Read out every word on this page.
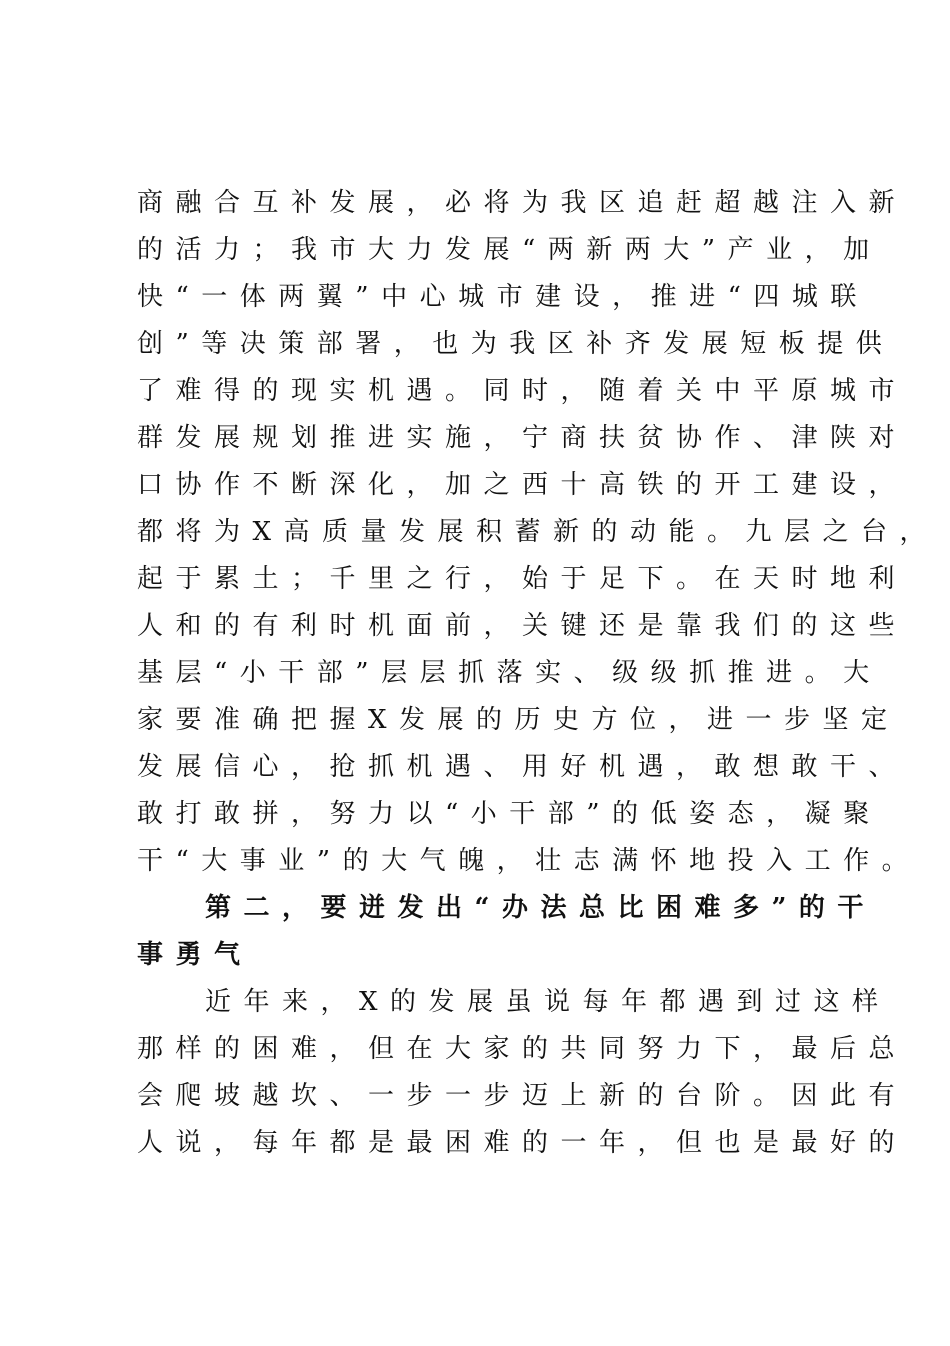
商融合互补发展，必将为我区追赶超越注入新
的活力；我市大力发展“两新两大”产业，加
快“一体两翼”中心城市建设，推进“四城联
创”等决策部署，也为我区补齐发展短板提供
了难得的现实机遇。同时，随着关中平原城市
群发展规划推进实施，宁商扶贫协作、津陕对
口协作不断深化，加之西十高铁的开工建设，
都将为X高质量发展积蓄新的动能。九层之台，
起于累土；千里之行，始于足下。在天时地利
人和的有利时机面前，关键还是靠我们的这些
基层“小干部”层层抓落实、级级抓推进。大
家要准确把握X发展的历史方位，进一步坚定
发展信心，抢抓机遇、用好机遇，敢想敢干、
敢打敢拼，努力以“小干部”的低姿态，凝聚
干“大事业”的大气魄，壮志满怀地投入工作。
第二，要迸发出“办法总比困难多”的干
事勇气
近年来，X的发展虽说每年都遇到过这样
那样的困难，但在大家的共同努力下，最后总
会爬坡越坎、一步一步迈上新的台阶。因此有
人说，每年都是最困难的一年，但也是最好的
